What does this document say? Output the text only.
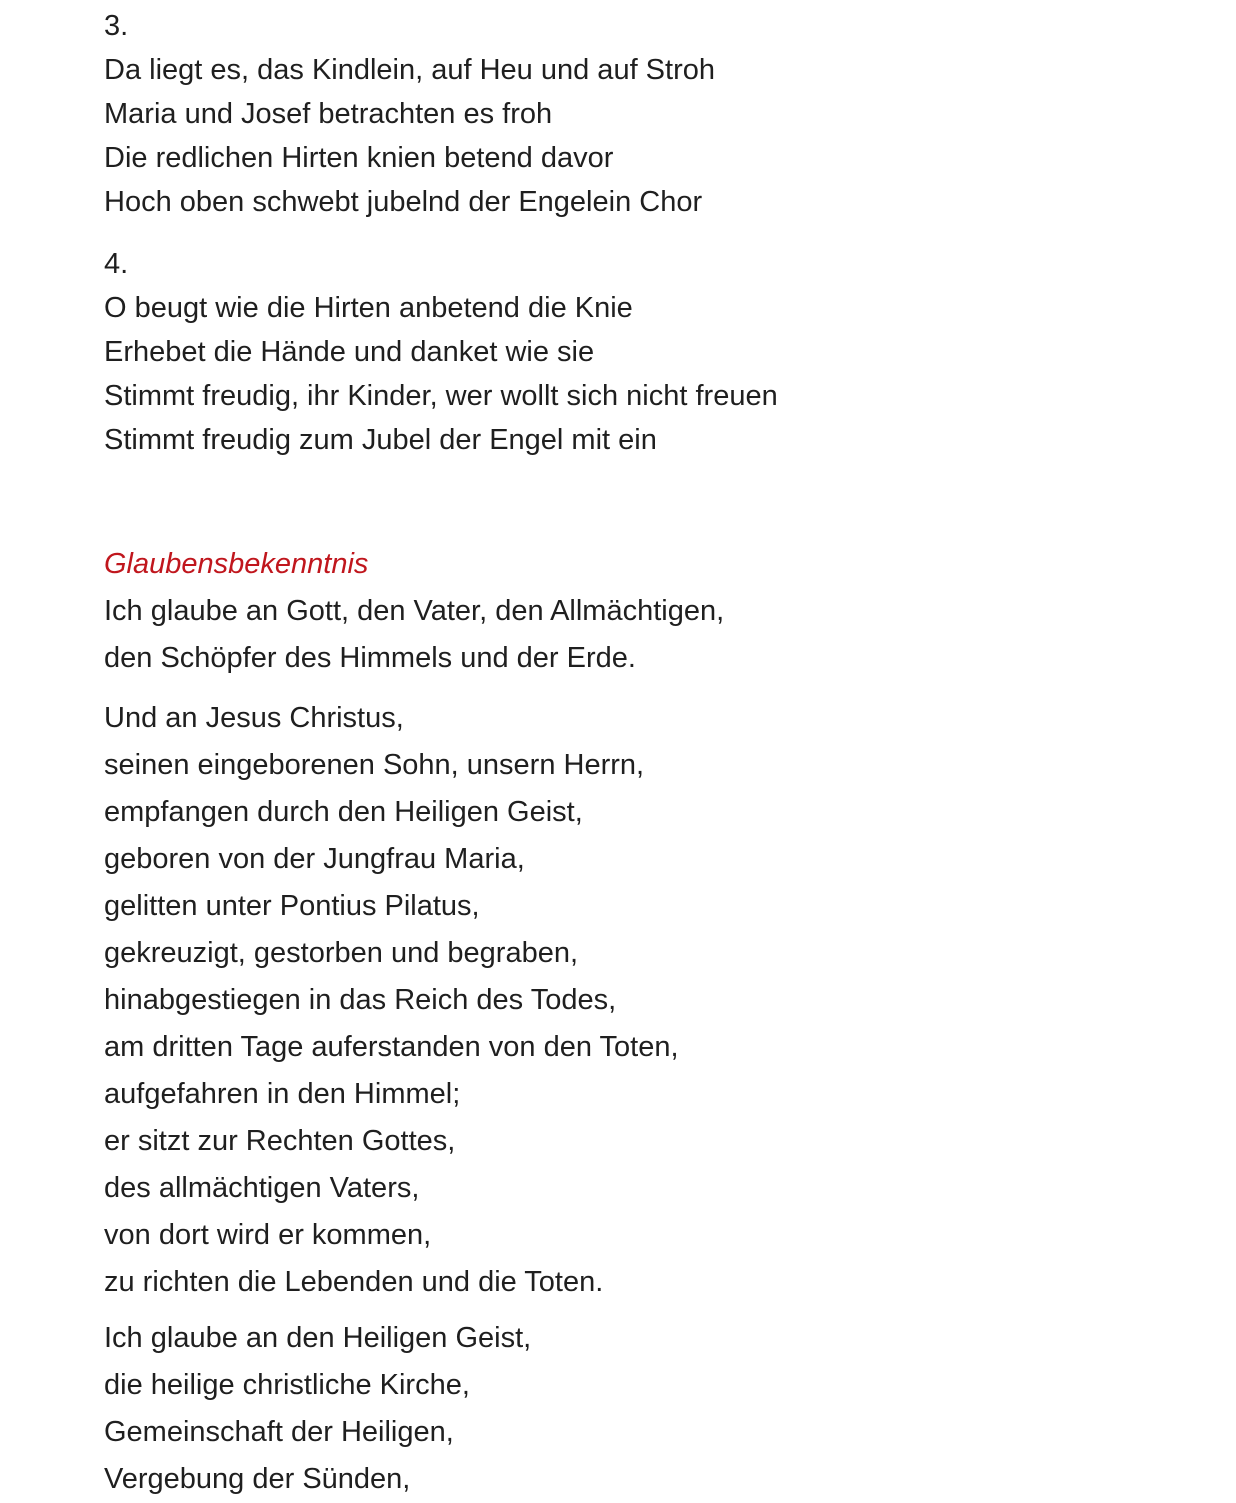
3.
Da liegt es, das Kindlein, auf Heu und auf Stroh
Maria und Josef betrachten es froh
Die redlichen Hirten knien betend davor
Hoch oben schwebt jubelnd der Engelein Chor
4.
O beugt wie die Hirten anbetend die Knie
Erhebet die Hände und danket wie sie
Stimmt freudig, ihr Kinder, wer wollt sich nicht freuen
Stimmt freudig zum Jubel der Engel mit ein
Glaubensbekenntnis
Ich glaube an Gott, den Vater, den Allmächtigen,
den Schöpfer des Himmels und der Erde.
Und an Jesus Christus,
seinen eingeborenen Sohn, unsern Herrn,
empfangen durch den Heiligen Geist,
geboren von der Jungfrau Maria,
gelitten unter Pontius Pilatus,
gekreuzigt, gestorben und begraben,
hinabgestiegen in das Reich des Todes,
am dritten Tage auferstanden von den Toten,
aufgefahren in den Himmel;
er sitzt zur Rechten Gottes,
des allmächtigen Vaters,
von dort wird er kommen,
zu richten die Lebenden und die Toten.
Ich glaube an den Heiligen Geist,
die heilige christliche Kirche,
Gemeinschaft der Heiligen,
Vergebung der Sünden,
